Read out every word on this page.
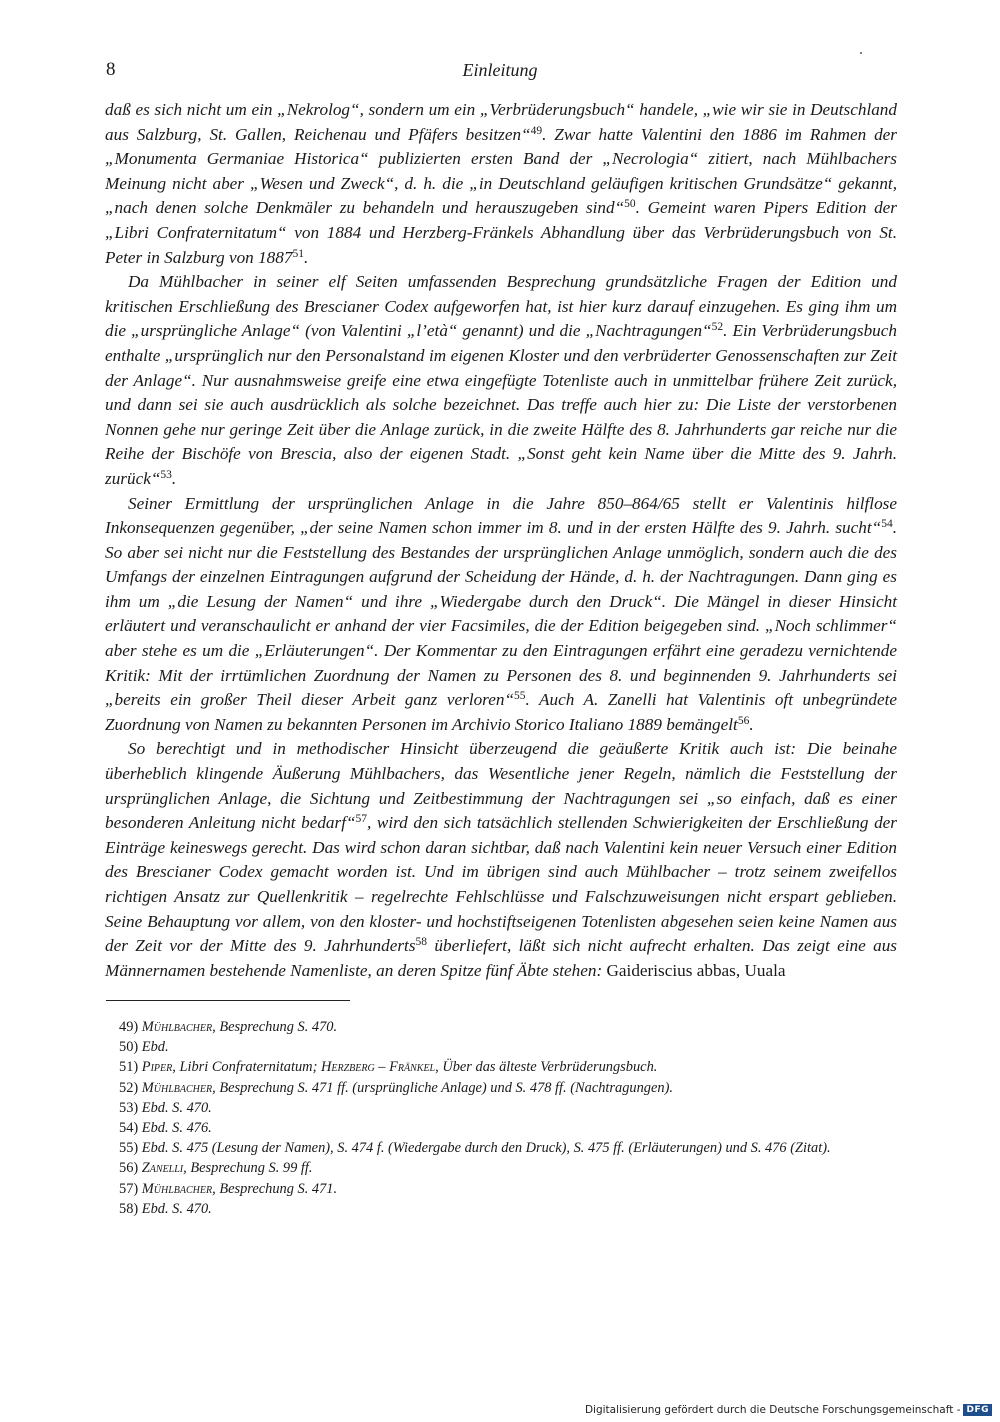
8	Einleitung

daß es sich nicht um ein „Nekrolog“, sondern um ein „Verbrüderungsbuch“ handele, „wie wir sie in Deutschland aus Salzburg, St. Gallen, Reichenau und Pfäfers besitzen“$^{49}$. Zwar hatte Valentini den 1886 im Rahmen der „Monumenta Germaniae Historica“ publizierten ersten Band der „Necrologia“ zitiert, nach Mühlbachers Meinung nicht aber „Wesen und Zweck“, d. h. die „in Deutschland geläufigen kritischen Grundsätze“ gekannt, „nach denen solche Denkmäler zu behandeln und herauszugeben sind“$^{50}$. Gemeint waren Pipers Edition der „Libri Confraternitatum“ von 1884 und Herzberg-Fränkels Abhandlung über das Verbrüderungsbuch von St. Peter in Salzburg von 1887$^{51}$.

Da Mühlbacher in seiner elf Seiten umfassenden Besprechung grundsätzliche Fragen der Edition und kritischen Erschließung des Brescianer Codex aufgeworfen hat, ist hier kurz darauf einzugehen. Es ging ihm um die „ursprüngliche Anlage“ (von Valentini „l’età“ genannt) und die „Nachtragungen“$^{52}$. Ein Verbrüderungsbuch enthalte „ursprünglich nur den Personalstand im eigenen Kloster und den verbrüderter Genossenschaften zur Zeit der Anlage“. Nur ausnahmsweise greife eine etwa eingefügte Totenliste auch in unmittelbar frühere Zeit zurück, und dann sei sie auch ausdrücklich als solche bezeichnet. Das treffe auch hier zu: Die Liste der verstorbenen Nonnen gehe nur geringe Zeit über die Anlage zurück, in die zweite Hälfte des 8. Jahrhunderts gar reiche nur die Reihe der Bischöfe von Brescia, also der eigenen Stadt. „Sonst geht kein Name über die Mitte des 9. Jahrh. zurück“$^{53}$.

Seiner Ermittlung der ursprünglichen Anlage in die Jahre 850–864/65 stellt er Valentinis hilflose Inkonsequenzen gegenüber, „der seine Namen schon immer im 8. und in der ersten Hälfte des 9. Jahrh. sucht“$^{54}$. So aber sei nicht nur die Feststellung des Bestandes der ursprünglichen Anlage unmöglich, sondern auch die des Umfangs der einzelnen Eintragungen aufgrund der Scheidung der Hände, d. h. der Nachtragungen. Dann ging es ihm um „die Lesung der Namen“ und ihre „Wiedergabe durch den Druck“. Die Mängel in dieser Hinsicht erläutert und veranschaulicht er anhand der vier Facsimiles, die der Edition beigegeben sind. „Noch schlimmer“ aber stehe es um die „Erläuterungen“. Der Kommentar zu den Eintragungen erfährt eine geradezu vernichtende Kritik: Mit der irrtümlichen Zuordnung der Namen zu Personen des 8. und beginnenden 9. Jahrhunderts sei „bereits ein großer Theil dieser Arbeit ganz verloren“$^{55}$. Auch A. Zanelli hat Valentinis oft unbegründete Zuordnung von Namen zu bekannten Personen im Archivio Storico Italiano 1889 bemängelt$^{56}$.

So berechtigt und in methodischer Hinsicht überzeugend die geäußerte Kritik auch ist: Die beinahe überheblich klingende Äußerung Mühlbachers, das Wesentliche jener Regeln, nämlich die Feststellung der ursprünglichen Anlage, die Sichtung und Zeitbestimmung der Nachtragungen sei „so einfach, daß es einer besonderen Anleitung nicht bedarf“$^{57}$, wird den sich tatsächlich stellenden Schwierigkeiten der Erschließung der Einträge keineswegs gerecht. Das wird schon daran sichtbar, daß nach Valentini kein neuer Versuch einer Edition des Brescianer Codex gemacht worden ist. Und im übrigen sind auch Mühlbacher – trotz seinem zweifellos richtigen Ansatz zur Quellenkritik – regelrechte Fehlschlüsse und Falschzuweisungen nicht erspart geblieben. Seine Behauptung vor allem, von den kloster- und hochstiftseigenen Totenlisten abgesehen seien keine Namen aus der Zeit vor der Mitte des 9. Jahrhunderts$^{58}$ überliefert, läßt sich nicht aufrecht erhalten. Das zeigt eine aus Männernamen bestehende Namenliste, an deren Spitze fünf Äbte stehen: Gaideriscius abbas, Uuala

49) Mühlbacher, Besprechung S. 470.

50) Ebd.

51) Piper, Libri Confraternitatum; Herzberg – Fränkel, Über das älteste Verbrüderungsbuch.

52) Mühlbacher, Besprechung S. 471 ff. (ursprüngliche Anlage) und S. 478 ff. (Nachtragungen).

53) Ebd. S. 470.

54) Ebd. S. 476.

55) Ebd. S. 475 (Lesung der Namen), S. 474 f. (Wiedergabe durch den Druck), S. 475 ff. (Erläuterungen) und S. 476 (Zitat).

56) Zanelli, Besprechung S. 99 ff.

57) Mühlbacher, Besprechung S. 471.

58) Ebd. S. 470.

Digitalisierung gefördert durch die Deutsche Forschungsgemeinschaft - DFG
